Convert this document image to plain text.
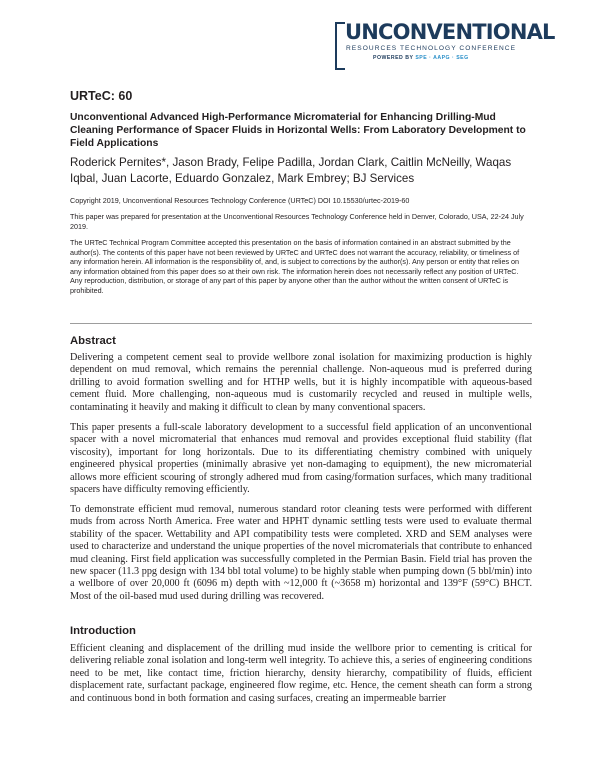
UNCONVENTIONAL
RESOURCES TECHNOLOGY CONFERENCE
POWERED BY SPE · AAPG · SEG
URTeC: 60
Unconventional Advanced High-Performance Micromaterial for Enhancing Drilling-Mud Cleaning Performance of Spacer Fluids in Horizontal Wells: From Laboratory Development to Field Applications
Roderick Pernites*, Jason Brady, Felipe Padilla, Jordan Clark, Caitlin McNeilly, Waqas Iqbal, Juan Lacorte, Eduardo Gonzalez, Mark Embrey; BJ Services
Copyright 2019, Unconventional Resources Technology Conference (URTeC) DOI 10.15530/urtec-2019-60
This paper was prepared for presentation at the Unconventional Resources Technology Conference held in Denver, Colorado, USA, 22-24 July 2019.
The URTeC Technical Program Committee accepted this presentation on the basis of information contained in an abstract submitted by the author(s). The contents of this paper have not been reviewed by URTeC and URTeC does not warrant the accuracy, reliability, or timeliness of any information herein. All information is the responsibility of, and, is subject to corrections by the author(s). Any person or entity that relies on any information obtained from this paper does so at their own risk. The information herein does not necessarily reflect any position of URTeC. Any reproduction, distribution, or storage of any part of this paper by anyone other than the author without the written consent of URTeC is prohibited.
Abstract
Delivering a competent cement seal to provide wellbore zonal isolation for maximizing production is highly dependent on mud removal, which remains the perennial challenge. Non-aqueous mud is preferred during drilling to avoid formation swelling and for HTHP wells, but it is highly incompatible with aqueous-based cement fluid. More challenging, non-aqueous mud is customarily recycled and reused in multiple wells, contaminating it heavily and making it difficult to clean by many conventional spacers.
This paper presents a full-scale laboratory development to a successful field application of an unconventional spacer with a novel micromaterial that enhances mud removal and provides exceptional fluid stability (flat viscosity), important for long horizontals. Due to its differentiating chemistry combined with uniquely engineered physical properties (minimally abrasive yet non-damaging to equipment), the new micromaterial allows more efficient scouring of strongly adhered mud from casing/formation surfaces, which many traditional spacers have difficulty removing efficiently.
To demonstrate efficient mud removal, numerous standard rotor cleaning tests were performed with different muds from across North America. Free water and HPHT dynamic settling tests were used to evaluate thermal stability of the spacer. Wettability and API compatibility tests were completed. XRD and SEM analyses were used to characterize and understand the unique properties of the novel micromaterials that contribute to enhanced mud cleaning. First field application was successfully completed in the Permian Basin. Field trial has proven the new spacer (11.3 ppg design with 134 bbl total volume) to be highly stable when pumping down (5 bbl/min) into a wellbore of over 20,000 ft (6096 m) depth with ~12,000 ft (~3658 m) horizontal and 139°F (59°C) BHCT. Most of the oil-based mud used during drilling was recovered.
Introduction
Efficient cleaning and displacement of the drilling mud inside the wellbore prior to cementing is critical for delivering reliable zonal isolation and long-term well integrity. To achieve this, a series of engineering conditions need to be met, like contact time, friction hierarchy, density hierarchy, compatibility of fluids, efficient displacement rate, surfactant package, engineered flow regime, etc. Hence, the cement sheath can form a strong and continuous bond in both formation and casing surfaces, creating an impermeable barrier
